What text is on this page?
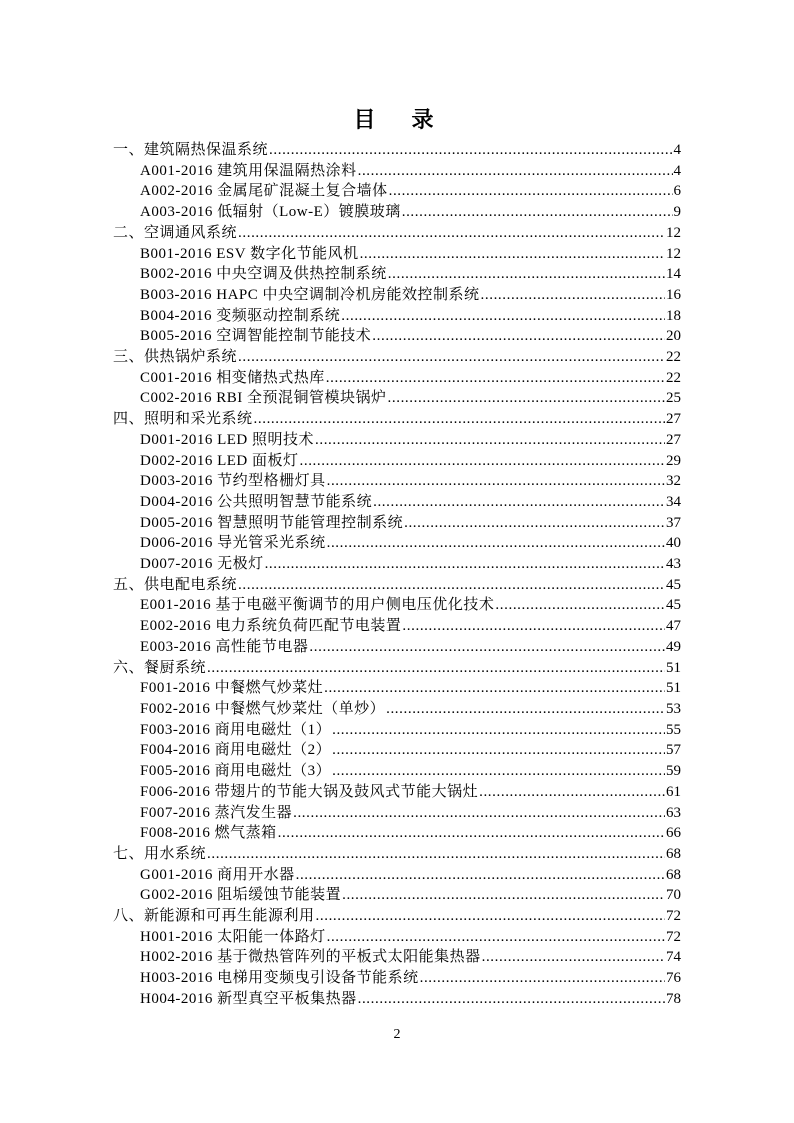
目　录
一、建筑隔热保温系统 .....	4
A001-2016 建筑用保温隔热涂料 .....	4
A002-2016 金属尾矿混凝土复合墙体 .....	6
A003-2016 低辐射（Low-E）镀膜玻璃 .....	9
二、空调通风系统 .....	12
B001-2016 ESV 数字化节能风机 .....	12
B002-2016 中央空调及供热控制系统 .....	14
B003-2016 HAPC 中央空调制冷机房能效控制系统 .....	16
B004-2016 变频驱动控制系统 .....	18
B005-2016 空调智能控制节能技术 .....	20
三、供热锅炉系统 .....	22
C001-2016 相变储热式热库 .....	22
C002-2016 RBI 全预混铜管模块锅炉 .....	25
四、照明和采光系统 .....	27
D001-2016 LED 照明技术 .....	27
D002-2016 LED 面板灯 .....	29
D003-2016 节约型格栅灯具 .....	32
D004-2016 公共照明智慧节能系统 .....	34
D005-2016 智慧照明节能管理控制系统 .....	37
D006-2016 导光管采光系统 .....	40
D007-2016 无极灯 .....	43
五、供电配电系统 .....	45
E001-2016 基于电磁平衡调节的用户侧电压优化技术 .....	45
E002-2016 电力系统负荷匹配节电装置 .....	47
E003-2016 高性能节电器 .....	49
六、餐厨系统 .....	51
F001-2016 中餐燃气炒菜灶 .....	51
F002-2016 中餐燃气炒菜灶（单炒） .....	53
F003-2016 商用电磁灶（1） .....	55
F004-2016 商用电磁灶（2） .....	57
F005-2016 商用电磁灶（3） .....	59
F006-2016 带翅片的节能大锅及鼓风式节能大锅灶 .....	61
F007-2016 蒸汽发生器 .....	63
F008-2016 燃气蒸箱 .....	66
七、用水系统 .....	68
G001-2016 商用开水器 .....	68
G002-2016 阻垢缓蚀节能装置 .....	70
八、新能源和可再生能源利用 .....	72
H001-2016 太阳能一体路灯 .....	72
H002-2016 基于微热管阵列的平板式太阳能集热器 .....	74
H003-2016 电梯用变频曳引设备节能系统 .....	76
H004-2016 新型真空平板集热器 .....	78
2
